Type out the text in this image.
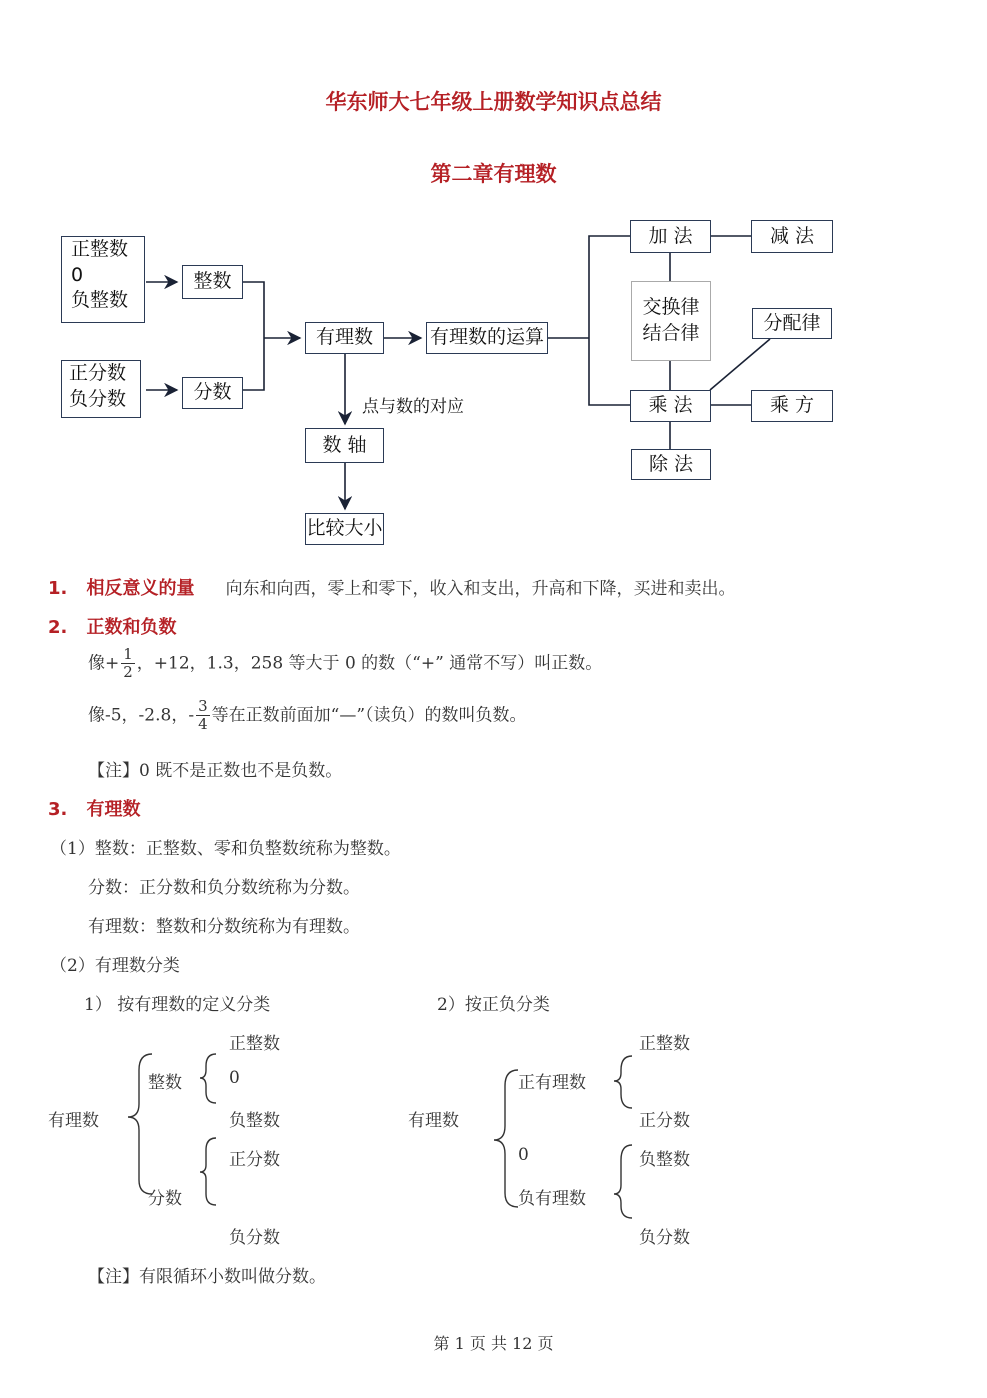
华东师大七年级上册数学知识点总结
第二章有理数
正整数
0
负整数
整数
正分数
负分数	分数
有理数	有理数的运算
点与数的对应
数 轴
比较大小
加 法	减 法
交换律
结合律	分配律
乘 法	乘 方
除 法
1. 相反意义的量 向东和向西，零上和零下，收入和支出，升高和下降，买进和卖出。
2. 正数和负数
像+ $\frac{1}{2}$ ，+12，1.3，258 等大于 0 的数（“+” 通常不写）叫正数。
像-5，-2.8，- $\frac{3}{4}$ 等在正数前面加“—”（读负）的数叫负数。
【注】0 既不是正数也不是负数。
3. 有理数
（1）整数：正整数、零和负整数统称为整数。
分数：正分数和负分数统称为分数。
有理数：整数和分数统称为有理数。
（2）有理数分类
1） 按有理数的定义分类	2）按正负分类
有理数
整数
分数
正整数
0
负整数
正分数
负分数
有理数
正有理数
0
负有理数
正整数
正分数
负整数
负分数
【注】有限循环小数叫做分数。
第 1 页 共 12 页
